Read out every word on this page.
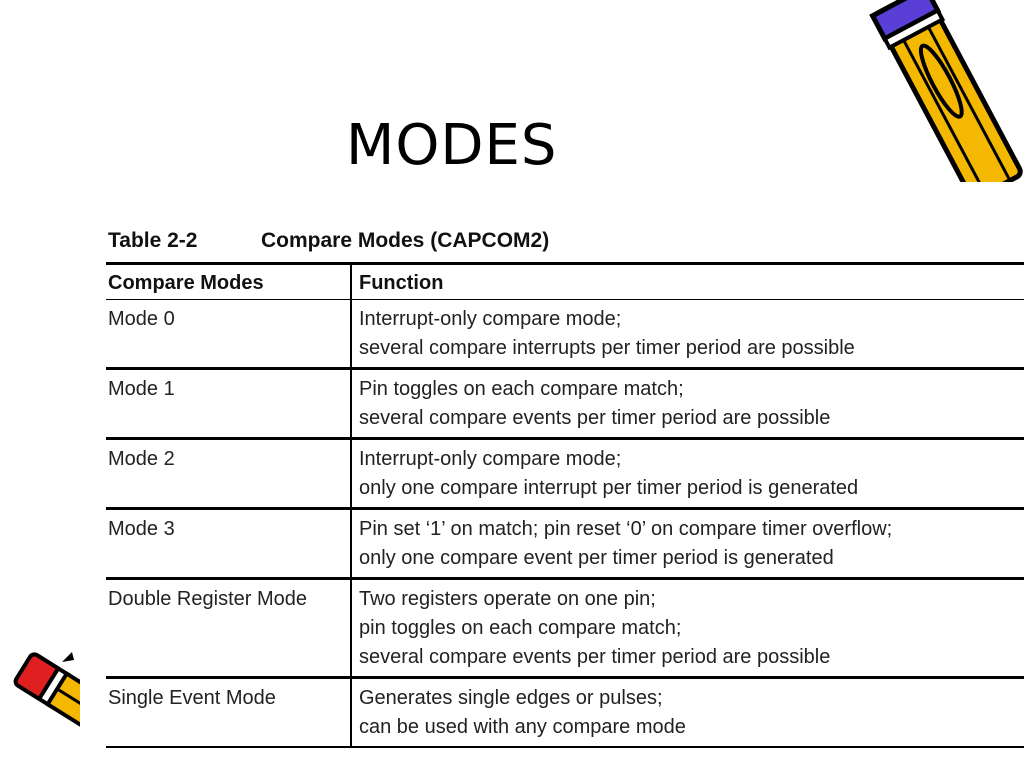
MODES
Table 2-2	Compare Modes (CAPCOM2)
Compare Modes	Function
Mode 0	Interrupt-only compare mode;
several compare interrupts per timer period are possible

Mode 1	Pin toggles on each compare match;
several compare events per timer period are possible

Mode 2	Interrupt-only compare mode;
only one compare interrupt per timer period is generated

Mode 3	Pin set ‘1’ on match; pin reset ‘0’ on compare timer overflow;
only one compare event per timer period is generated

Double Register Mode	Two registers operate on one pin;
pin toggles on each compare match;
several compare events per timer period are possible

Single Event Mode	Generates single edges or pulses;
can be used with any compare mode
